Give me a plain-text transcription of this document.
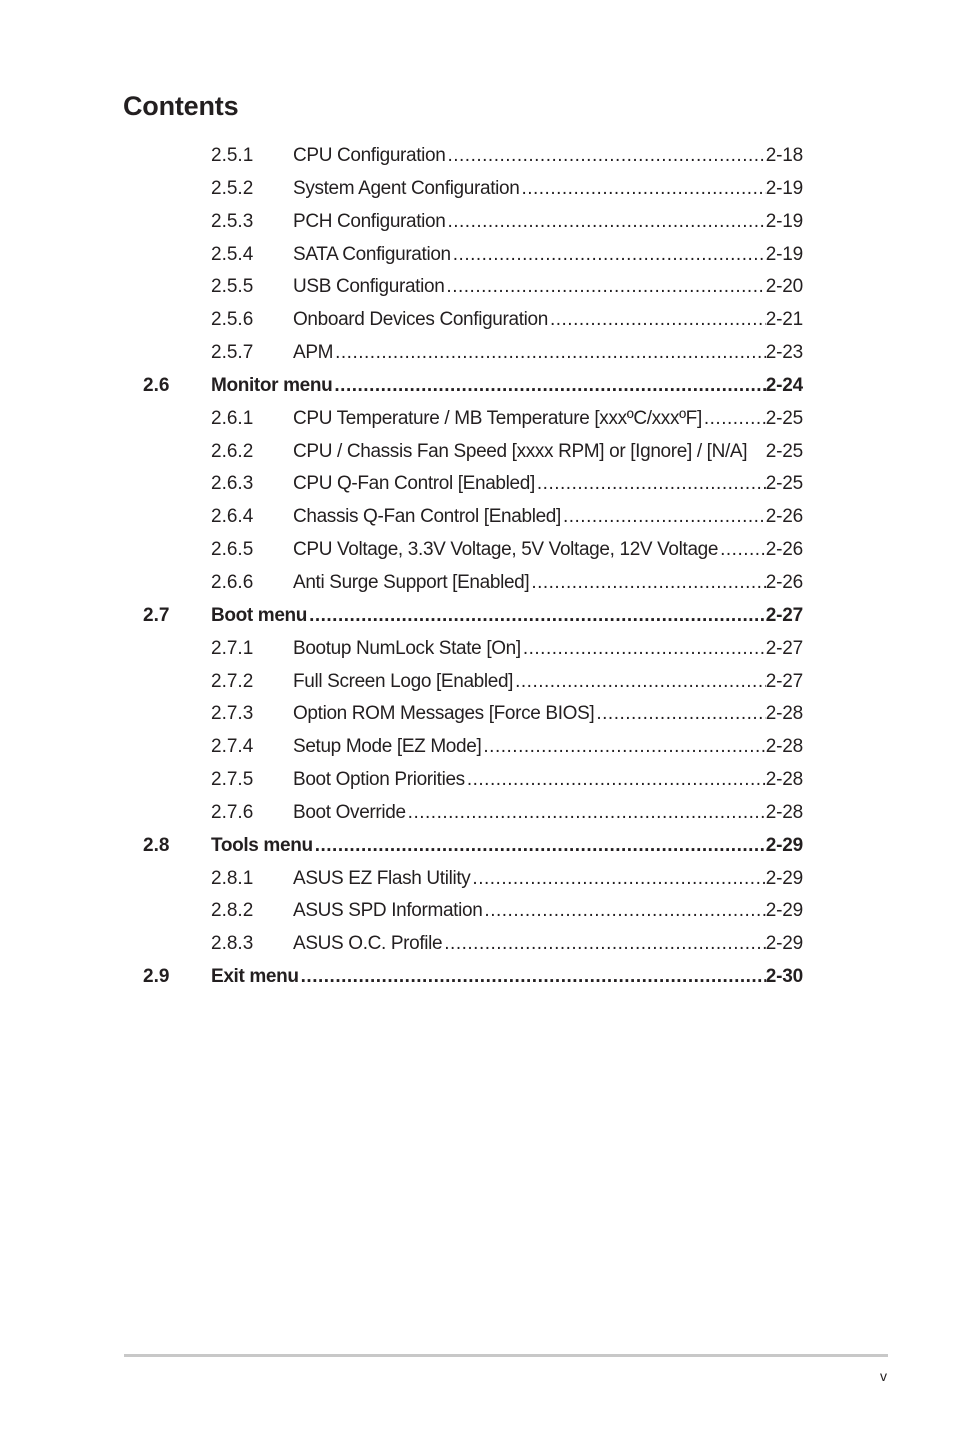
Contents
2.5.1 CPU Configuration .....	2-18
2.5.2 System Agent Configuration .....	2-19
2.5.3 PCH Configuration .....	2-19
2.5.4 SATA Configuration .....	2-19
2.5.5 USB Configuration .....	2-20
2.5.6 Onboard Devices Configuration .....	2-21
2.5.7 APM .....	2-23
2.6 Monitor menu .....	2-24
2.6.1 CPU Temperature / MB Temperature [xxxºC/xxxºF] .....	2-25
2.6.2 CPU / Chassis Fan Speed [xxxx RPM] or [Ignore] / [N/A] 2-25
2.6.3 CPU Q-Fan Control [Enabled] .....	2-25
2.6.4 Chassis Q-Fan Control [Enabled] .....	2-26
2.6.5 CPU Voltage, 3.3V Voltage, 5V Voltage, 12V Voltage .....	2-26
2.6.6 Anti Surge Support [Enabled] .....	2-26
2.7 Boot menu .....	2-27
2.7.1 Bootup NumLock State [On] .....	2-27
2.7.2 Full Screen Logo [Enabled] .....	2-27
2.7.3 Option ROM Messages [Force BIOS] .....	2-28
2.7.4 Setup Mode [EZ Mode] .....	2-28
2.7.5 Boot Option Priorities .....	2-28
2.7.6 Boot Override .....	2-28
2.8 Tools menu .....	2-29
2.8.1 ASUS EZ Flash Utility .....	2-29
2.8.2 ASUS SPD Information .....	2-29
2.8.3 ASUS O.C. Profile .....	2-29
2.9 Exit menu .....	2-30
v
